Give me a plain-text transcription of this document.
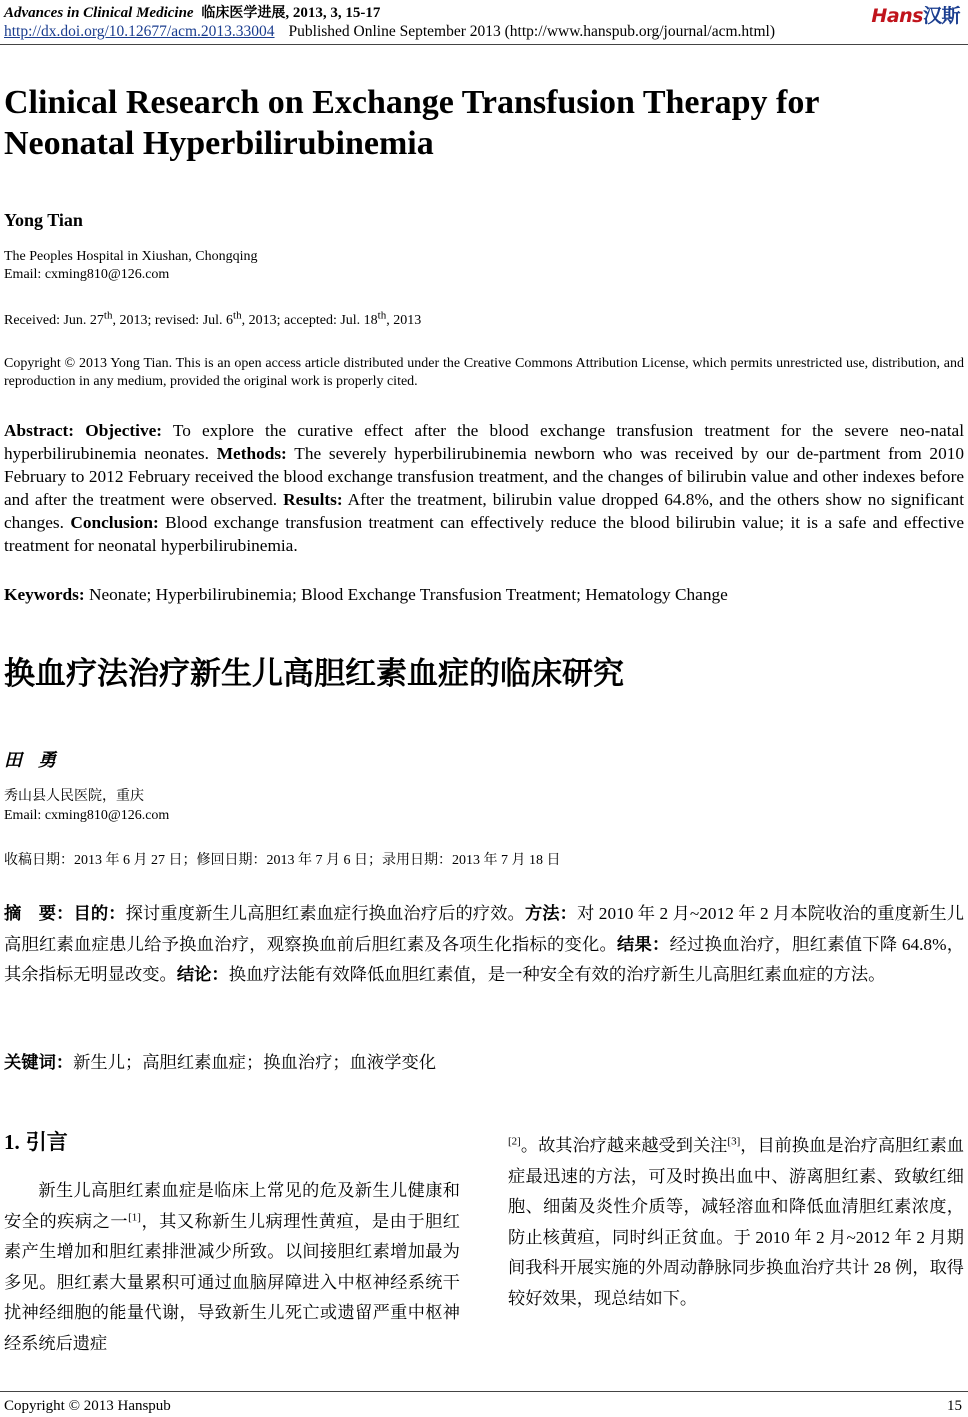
Advances in Clinical Medicine 临床医学进展, 2013, 3, 15-17	Hans汉斯
http://dx.doi.org/10.12677/acm.2013.33004 Published Online September 2013 (http://www.hanspub.org/journal/acm.html)
Clinical Research on Exchange Transfusion Therapy for
Neonatal Hyperbilirubinemia
Yong Tian
The Peoples Hospital in Xiushan, Chongqing
Email: cxming810@126.com
Received: Jun. 27th, 2013; revised: Jul. 6th, 2013; accepted: Jul. 18th, 2013
Copyright © 2013 Yong Tian. This is an open access article distributed under the Creative Commons Attribution License, which permits unrestricted use, distribution, and reproduction in any medium, provided the original work is properly cited.

Abstract: Objective: To explore the curative effect after the blood exchange transfusion treatment for the severe neo-natal hyperbilirubinemia neonates. Methods: The severely hyperbilirubinemia newborn who was received by our de-partment from 2010 February to 2012 February received the blood exchange transfusion treatment, and the changes of bilirubin value and other indexes before and after the treatment were observed. Results: After the treatment, bilirubin value dropped 64.8%, and the others show no significant changes. Conclusion: Blood exchange transfusion treatment can effectively reduce the blood bilirubin value; it is a safe and effective treatment for neonatal hyperbilirubinemia.

Keywords: Neonate; Hyperbilirubinemia; Blood Exchange Transfusion Treatment; Hematology Change
换血疗法治疗新生儿高胆红素血症的临床研究
田勇
秀山县人民医院，重庆
Email: cxming810@126.com
收稿日期：2013 年 6 月 27 日；修回日期：2013 年 7 月 6 日；录用日期：2013 年 7 月 18 日

摘　要：目的：探讨重度新生儿高胆红素血症行换血治疗后的疗效。方法：对 2010 年 2 月~2012 年 2 月本院收治的重度新生儿高胆红素血症患儿给予换血治疗，观察换血前后胆红素及各项生化指标的变化。结果：经过换血治疗，胆红素值下降 64.8%，其余指标无明显改变。结论：换血疗法能有效降低血胆红素值，是一种安全有效的治疗新生儿高胆红素血症的方法。

关键词：新生儿；高胆红素血症；换血治疗；血液学变化
1. 引言

新生儿高胆红素血症是临床上常见的危及新生儿健康和安全的疾病之一[1]，其又称新生儿病理性黄疸，是由于胆红素产生增加和胆红素排泄减少所致。以间接胆红素增加最为多见。胆红素大量累积可通过血脑屏障进入中枢神经系统干扰神经细胞的能量代谢，导致新生儿死亡或遗留严重中枢神经系统后遗症

[2]。故其治疗越来越受到关注[3]，目前换血是治疗高胆红素血症最迅速的方法，可及时换出血中、游离胆红素、致敏红细胞、细菌及炎性介质等，减轻溶血和降低血清胆红素浓度，防止核黄疸，同时纠正贫血。于 2010 年 2 月~2012 年 2 月期间我科开展实施的外周动静脉同步换血治疗共计 28 例，取得较好效果，现总结如下。

Copyright © 2013 Hanspub	15
